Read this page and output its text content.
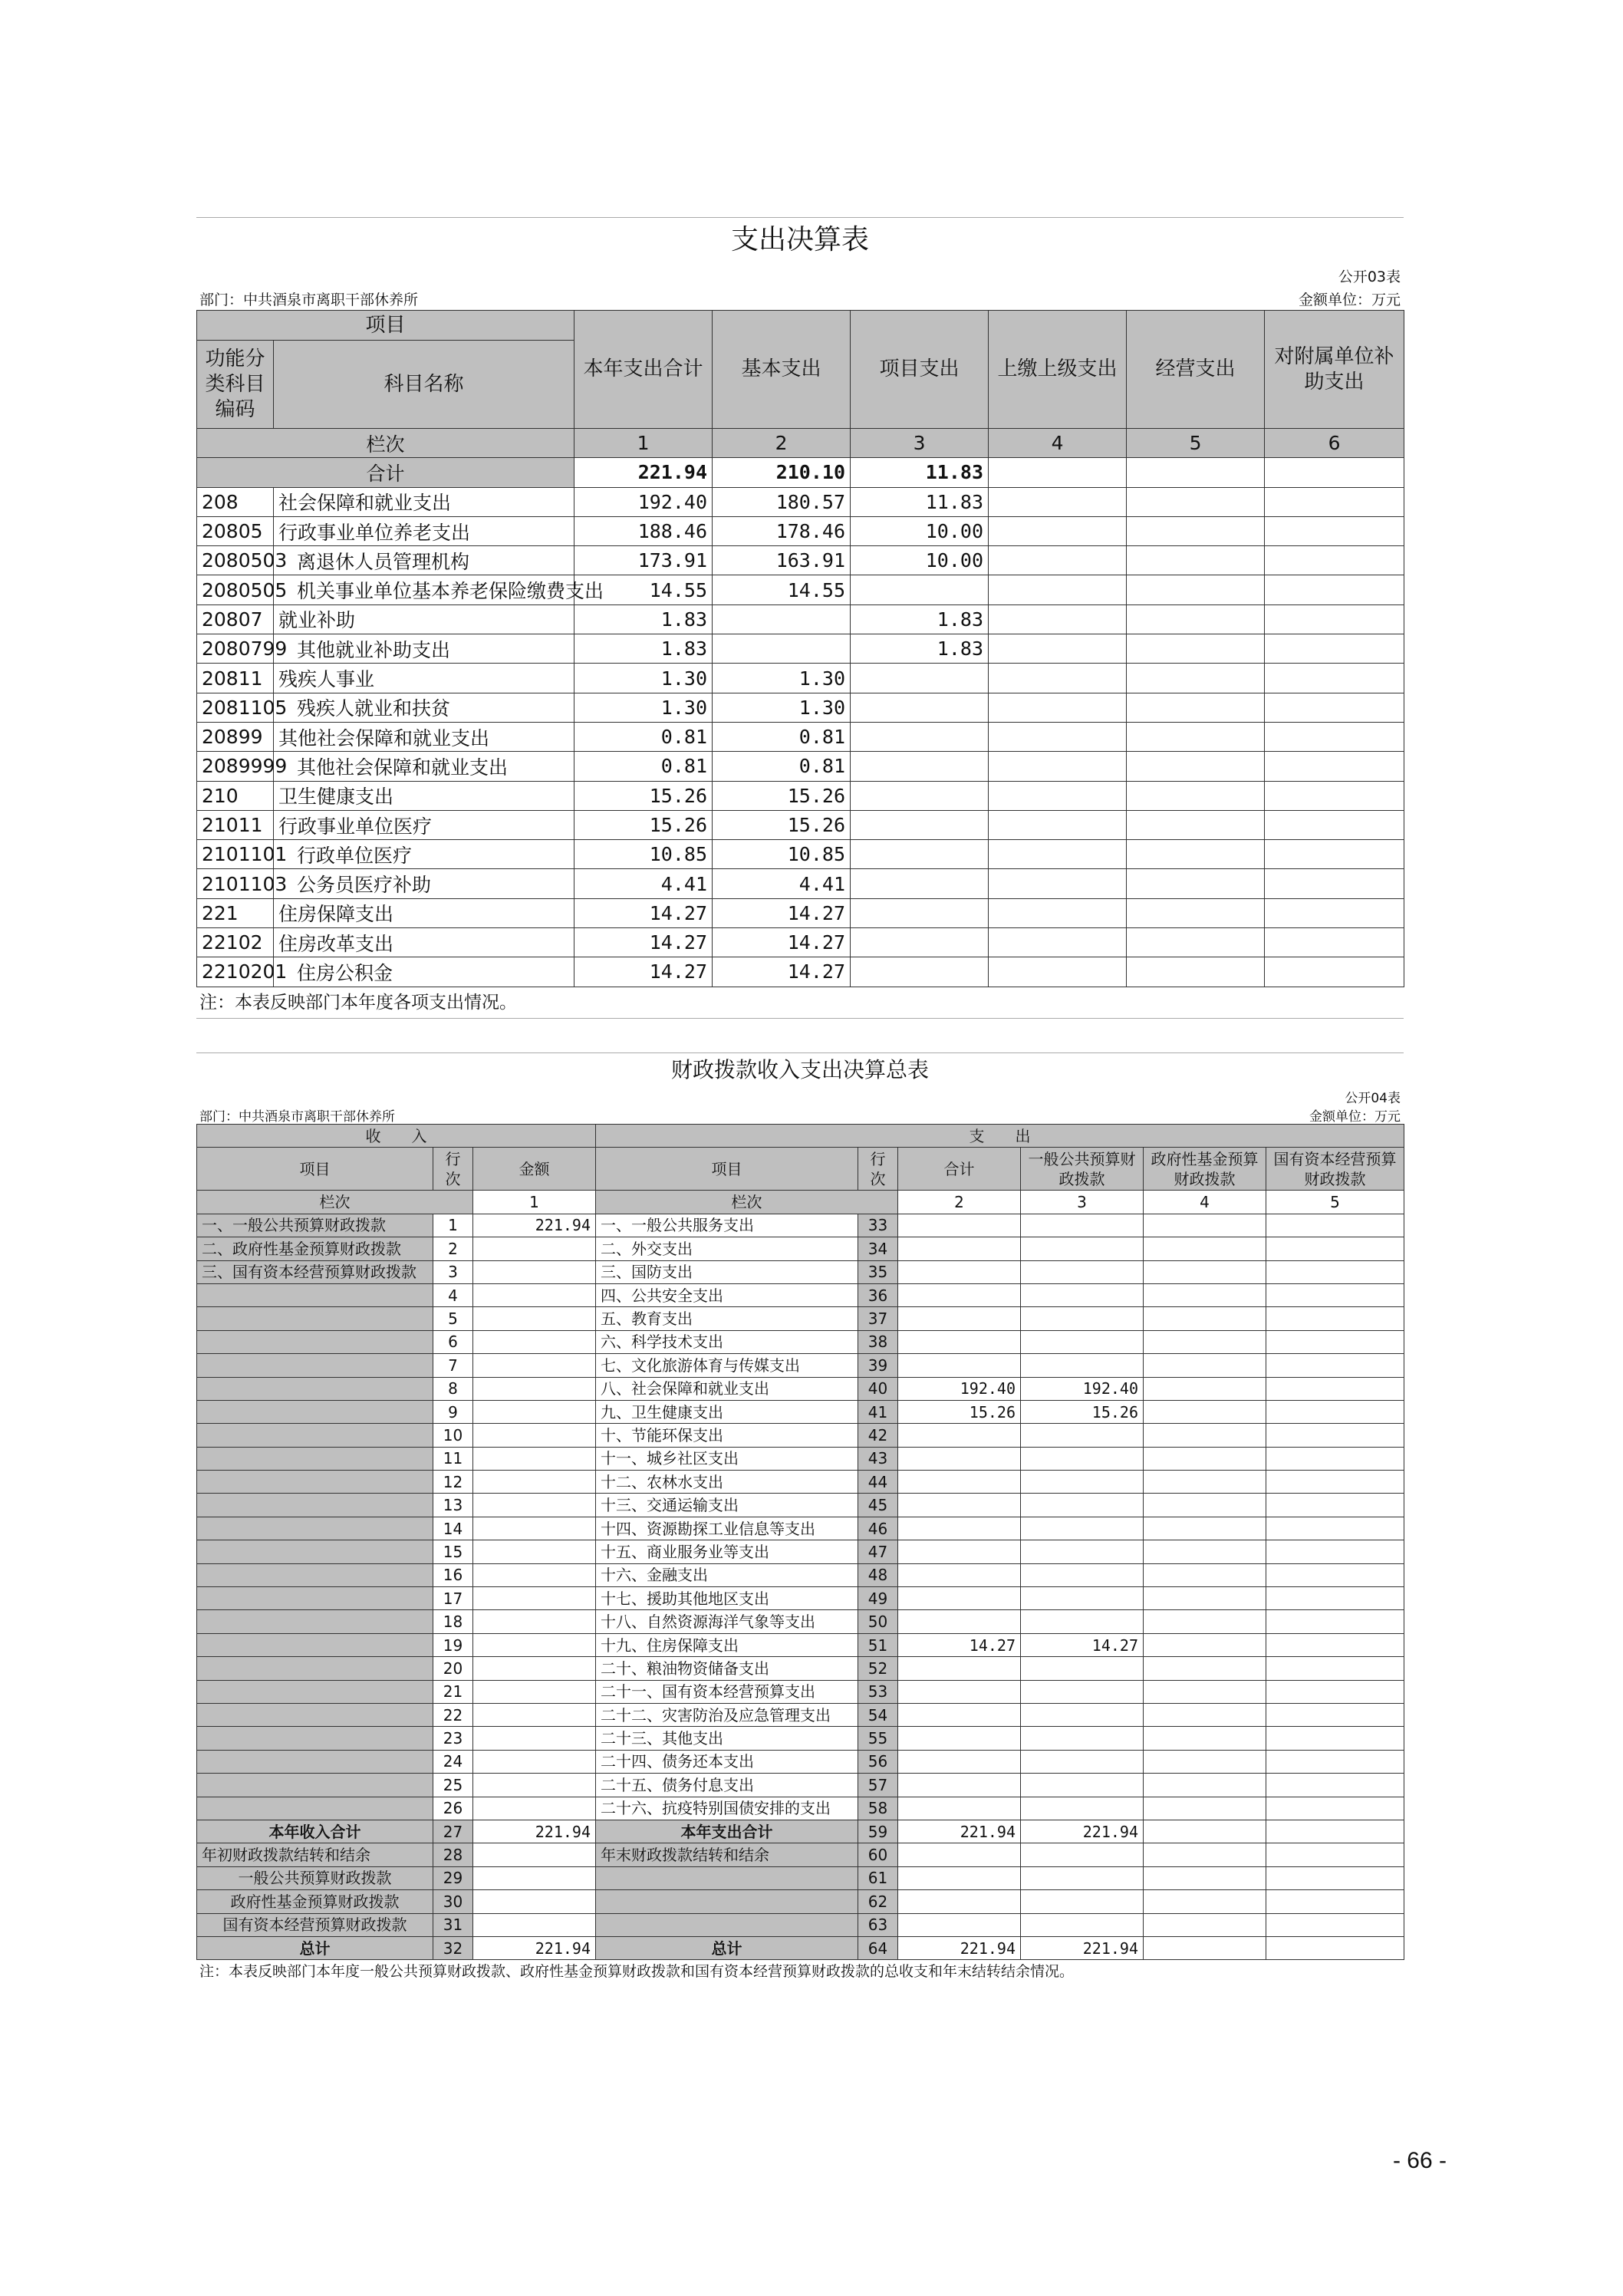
支出决算表
公开03表
部门：中共酒泉市离职干部休养所	金额单位：万元
项目
功能分类科目编码
科目名称		本年支出合计	基本支出	项目支出	上缴上级支出	经营支出	对附属单位补助支出
栏次		1	2	3	4	5	6
合计		221.94	210.10	11.83			
208	社会保障和就业支出	192.40	180.57	11.83			
20805	行政事业单位养老支出	188.46	178.46	10.00			
2080503	离退休人员管理机构	173.91	163.91	10.00			
2080505	机关事业单位基本养老保险缴费支出	14.55	14.55				
20807	就业补助	1.83		1.83			
2080799	其他就业补助支出	1.83		1.83			
20811	残疾人事业	1.30	1.30				
2081105	残疾人就业和扶贫	1.30	1.30				
20899	其他社会保障和就业支出	0.81	0.81				
2089999	其他社会保障和就业支出	0.81	0.81				
210	卫生健康支出	15.26	15.26				
21011	行政事业单位医疗	15.26	15.26				
2101101	行政单位医疗	10.85	10.85				
2101103	公务员医疗补助	4.41	4.41				
221	住房保障支出	14.27	14.27				
22102	住房改革支出	14.27	14.27				
2210201	住房公积金	14.27	14.27				
注：本表反映部门本年度各项支出情况。
财政拨款收入支出决算总表
公开04表
部门：中共酒泉市离职干部休养所	金额单位：万元
收　　入			支　　出					
项目	行次	金额	项目	行次	合计	一般公共预算财政拨款	政府性基金预算财政拨款	国有资本经营预算财政拨款
栏次		1	栏次		2	3	4	5
一、一般公共预算财政拨款	1	221.94	一、一般公共服务支出	33				
二、政府性基金预算财政拨款	2		二、外交支出	34				
三、国有资本经营预算财政拨款	3		三、国防支出	35				
	4		四、公共安全支出	36				
	5		五、教育支出	37				
	6		六、科学技术支出	38				
	7		七、文化旅游体育与传媒支出	39				
	8		八、社会保障和就业支出	40	192.40	192.40		
	9		九、卫生健康支出	41	15.26	15.26		
	10		十、节能环保支出	42				
	11		十一、城乡社区支出	43				
	12		十二、农林水支出	44				
	13		十三、交通运输支出	45				
	14		十四、资源勘探工业信息等支出	46				
	15		十五、商业服务业等支出	47				
	16		十六、金融支出	48				
	17		十七、援助其他地区支出	49				
	18		十八、自然资源海洋气象等支出	50				
	19		十九、住房保障支出	51	14.27	14.27		
	20		二十、粮油物资储备支出	52				
	21		二十一、国有资本经营预算支出	53				
	22		二十二、灾害防治及应急管理支出	54				
	23		二十三、其他支出	55				
	24		二十四、债务还本支出	56				
	25		二十五、债务付息支出	57				
	26		二十六、抗疫特别国债安排的支出	58				
本年收入合计	27	221.94	本年支出合计	59	221.94	221.94		
年初财政拨款结转和结余	28		年末财政拨款结转和结余	60				
一般公共预算财政拨款	29			61				
政府性基金预算财政拨款	30			62				
国有资本经营预算财政拨款	31			63				
总计	32	221.94	总计	64	221.94	221.94		
注：本表反映部门本年度一般公共预算财政拨款、政府性基金预算财政拨款和国有资本经营预算财政拨款的总收支和年末结转结余情况。
- 66 -
